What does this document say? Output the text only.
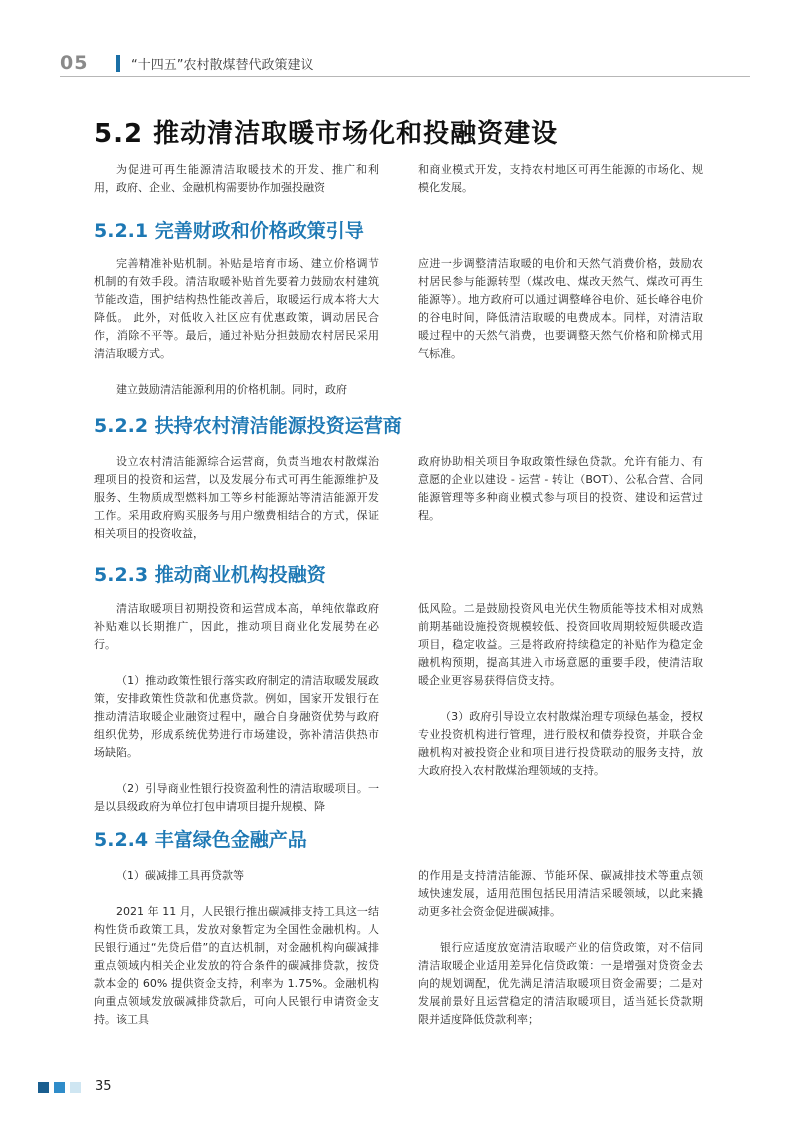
05	“十四五”农村散煤替代政策建议
5.2 推动清洁取暖市场化和投融资建设

为促进可再生能源清洁取暖技术的开发、推广和利用，政府、企业、金融机构需要协作加强投融资

和商业模式开发，支持农村地区可再生能源的市场化、规模化发展。

5.2.1 完善财政和价格政策引导

完善精准补贴机制。补贴是培育市场、建立价格调节机制的有效手段。清洁取暖补贴首先要着力鼓励农村建筑节能改造，围护结构热性能改善后，取暖运行成本将大大降低。 此外，对低收入社区应有优惠政策，调动居民合作，消除不平等。最后，通过补贴分担鼓励农村居民采用清洁取暖方式。

建立鼓励清洁能源利用的价格机制。同时，政府

应进一步调整清洁取暖的电价和天然气消费价格，鼓励农村居民参与能源转型（煤改电、煤改天然气、煤改可再生能源等）。地方政府可以通过调整峰谷电价、延长峰谷电价的谷电时间，降低清洁取暖的电费成本。同样，对清洁取暖过程中的天然气消费，也要调整天然气价格和阶梯式用气标准。

5.2.2 扶持农村清洁能源投资运营商

设立农村清洁能源综合运营商，负责当地农村散煤治理项目的投资和运营，以及发展分布式可再生能源维护及服务、生物质成型燃料加工等乡村能源站等清洁能源开发工作。采用政府购买服务与用户缴费相结合的方式，保证相关项目的投资收益，

政府协助相关项目争取政策性绿色贷款。允许有能力、有意愿的企业以建设 - 运营 - 转让（BOT）、公私合营、合同能源管理等多种商业模式参与项目的投资、建设和运营过程。

5.2.3 推动商业机构投融资

清洁取暖项目初期投资和运营成本高，单纯依靠政府补贴难以长期推广，因此，推动项目商业化发展势在必行。

（1）推动政策性银行落实政府制定的清洁取暖发展政策，安排政策性贷款和优惠贷款。例如，国家开发银行在推动清洁取暖企业融资过程中，融合自身融资优势与政府组织优势，形成系统优势进行市场建设，弥补清洁供热市场缺陷。

（2）引导商业性银行投资盈利性的清洁取暖项目。一是以县级政府为单位打包申请项目提升规模、降

低风险。二是鼓励投资风电光伏生物质能等技术相对成熟前期基础设施投资规模较低、投资回收周期较短供暖改造项目，稳定收益。三是将政府持续稳定的补贴作为稳定金融机构预期，提高其进入市场意愿的重要手段，使清洁取暖企业更容易获得信贷支持。

（3）政府引导设立农村散煤治理专项绿色基金，授权专业投资机构进行管理，进行股权和债券投资，并联合金融机构对被投资企业和项目进行投贷联动的服务支持，放大政府投入农村散煤治理领域的支持。

5.2.4 丰富绿色金融产品

（1）碳减排工具再贷款等

2021 年 11 月，人民银行推出碳减排支持工具这一结构性货币政策工具，发放对象暂定为全国性金融机构。人民银行通过“先贷后借”的直达机制，对金融机构向碳减排重点领域内相关企业发放的符合条件的碳减排贷款，按贷款本金的 60% 提供资金支持，利率为 1.75%。金融机构向重点领域发放碳减排贷款后，可向人民银行申请资金支持。该工具

的作用是支持清洁能源、节能环保、碳减排技术等重点领域快速发展，适用范围包括民用清洁采暖领域，以此来撬动更多社会资金促进碳减排。

银行应适度放宽清洁取暖产业的信贷政策，对不信同清洁取暖企业适用差异化信贷政策：一是增强对贷资金去向的规划调配，优先满足清洁取暖项目资金需要；二是对发展前景好且运营稳定的清洁取暖项目，适当延长贷款期限并适度降低贷款利率；

35
